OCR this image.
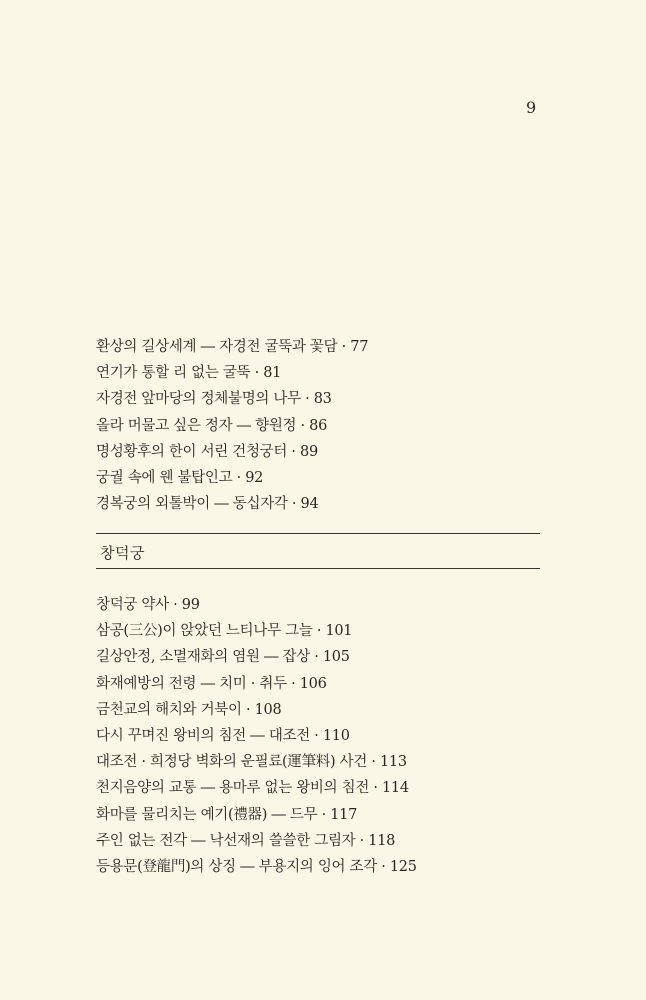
9
환상의 길상세계 ― 자경전 굴뚝과 꽃담 · 77
연기가 통할 리 없는 굴뚝 · 81
자경전 앞마당의 정체불명의 나무 · 83
올라 머물고 싶은 정자 ― 향원정 · 86
명성황후의 한이 서린 건청궁터 · 89
궁궐 속에 웬 불탑인고 · 92
경복궁의 외톨박이 ― 동십자각 · 94
창덕궁
창덕궁 약사 · 99
삼공(三公)이 앉았던 느티나무 그늘 · 101
길상안정, 소멸재화의 염원 ― 잡상 · 105
화재예방의 전령 ― 치미 · 취두 · 106
금천교의 해치와 거북이 · 108
다시 꾸며진 왕비의 침전 ― 대조전 · 110
대조전 · 희정당 벽화의 운필료(運筆料) 사건 · 113
천지음양의 교통 ― 용마루 없는 왕비의 침전 · 114
화마를 물리치는 예기(禮器) ― 드무 · 117
주인 없는 전각 ― 낙선재의 쓸쓸한 그림자 · 118
등용문(登龍門)의 상징 ― 부용지의 잉어 조각 · 125
